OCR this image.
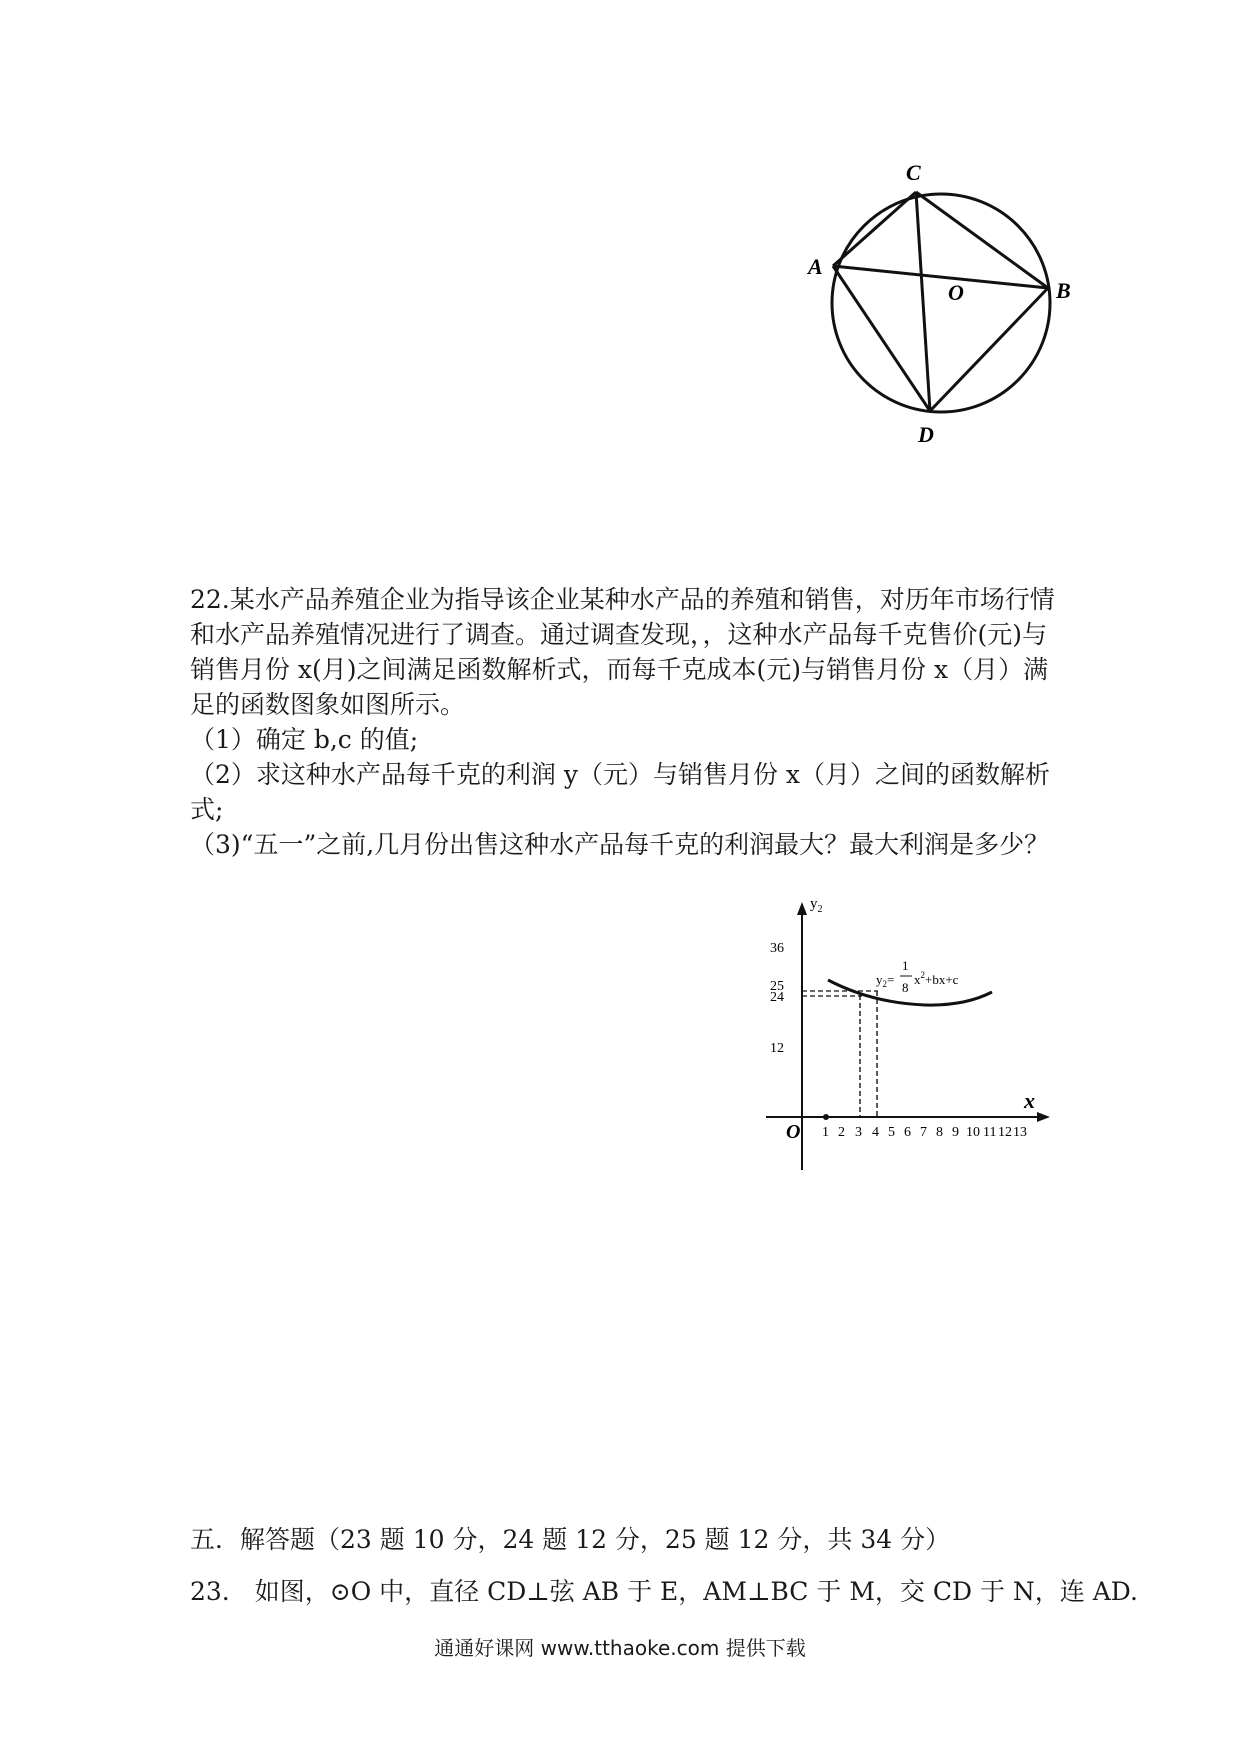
C
A
B
O
D

22.某水产品养殖企业为指导该企业某种水产品的养殖和销售，对历年市场行情

和水产品养殖情况进行了调查。通过调查发现，，这种水产品每千克售价(元)与

销售月份 x(月)之间满足函数解析式，而每千克成本(元)与销售月份 x（月）满

足的函数图象如图所示。

（1）确定 b,c 的值;

（2）求这种水产品每千克的利润 y（元）与销售月份 x（月）之间的函数解析式;

（3)“五一”之前,几月份出售这种水产品每千克的利润最大？最大利润是多少？

$y_2$
x
O
36
25
24
12
$y_2=$
1
8
$x^2+bx+c$
1 2 3 4 5 6 7 8 9 10 11 12 13
五．解答题（23 题 10 分，24 题 12 分，25 题 12 分，共 34 分）
23.　如图，⊙O 中，直径 CD⊥弦 AB 于 E，AM⊥BC 于 M，交 CD 于 N，连 AD.
通通好课网 www.tthaoke.com 提供下载
